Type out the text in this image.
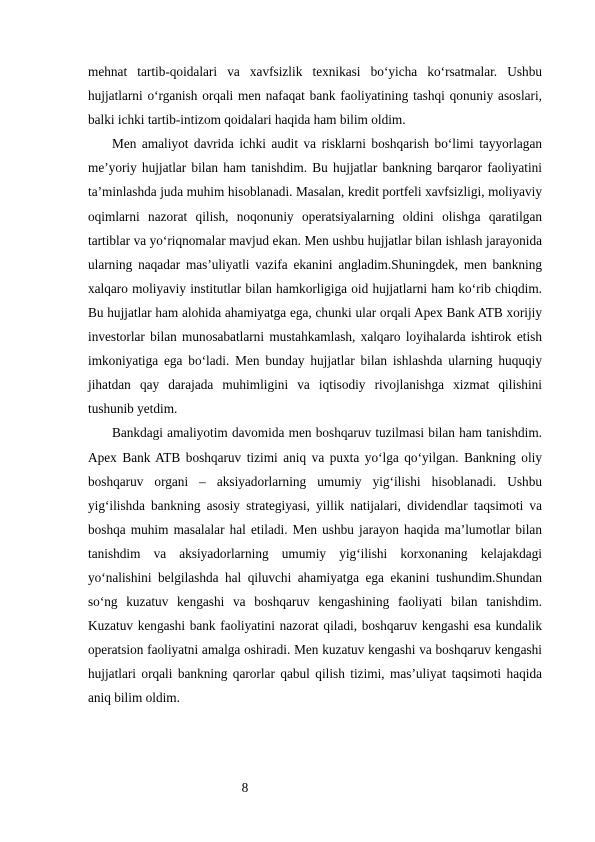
mehnat tartib-qoidalari va xavfsizlik texnikasi bo‘yicha ko‘rsatmalar. Ushbu hujjatlarni o‘rganish orqali men nafaqat bank faoliyatining tashqi qonuniy asoslari, balki ichki tartib-intizom qoidalari haqida ham bilim oldim.

Men amaliyot davrida ichki audit va risklarni boshqarish bo‘limi tayyorlagan me’yoriy hujjatlar bilan ham tanishdim. Bu hujjatlar bankning barqaror faoliyatini ta’minlashda juda muhim hisoblanadi. Masalan, kredit portfeli xavfsizligi, moliyaviy oqimlarni nazorat qilish, noqonuniy operatsiyalarning oldini olishga qaratilgan tartiblar va yo‘riqnomalar mavjud ekan. Men ushbu hujjatlar bilan ishlash jarayonida ularning naqadar mas’uliyatli vazifa ekanini angladim.Shuningdek, men bankning xalqaro moliyaviy institutlar bilan hamkorligiga oid hujjatlarni ham ko‘rib chiqdim. Bu hujjatlar ham alohida ahamiyatga ega, chunki ular orqali Apex Bank ATB xorijiy investorlar bilan munosabatlarni mustahkamlash, xalqaro loyihalarda ishtirok etish imkoniyatiga ega bo‘ladi. Men bunday hujjatlar bilan ishlashda ularning huquqiy jihatdan qay darajada muhimligini va iqtisodiy rivojlanishga xizmat qilishini tushunib yetdim.

Bankdagi amaliyotim davomida men boshqaruv tuzilmasi bilan ham tanishdim. Apex Bank ATB boshqaruv tizimi aniq va puxta yo‘lga qo‘yilgan. Bankning oliy boshqaruv organi – aksiyadorlarning umumiy yig‘ilishi hisoblanadi. Ushbu yig‘ilishda bankning asosiy strategiyasi, yillik natijalari, dividendlar taqsimoti va boshqa muhim masalalar hal etiladi. Men ushbu jarayon haqida ma’lumotlar bilan tanishdim va aksiyadorlarning umumiy yig‘ilishi korxonaning kelajakdagi yo‘nalishini belgilashda hal qiluvchi ahamiyatga ega ekanini tushundim.Shundan so‘ng kuzatuv kengashi va boshqaruv kengashining faoliyati bilan tanishdim. Kuzatuv kengashi bank faoliyatini nazorat qiladi, boshqaruv kengashi esa kundalik operatsion faoliyatni amalga oshiradi. Men kuzatuv kengashi va boshqaruv kengashi hujjatlari orqali bankning qarorlar qabul qilish tizimi, mas’uliyat taqsimoti haqida aniq bilim oldim.

8
